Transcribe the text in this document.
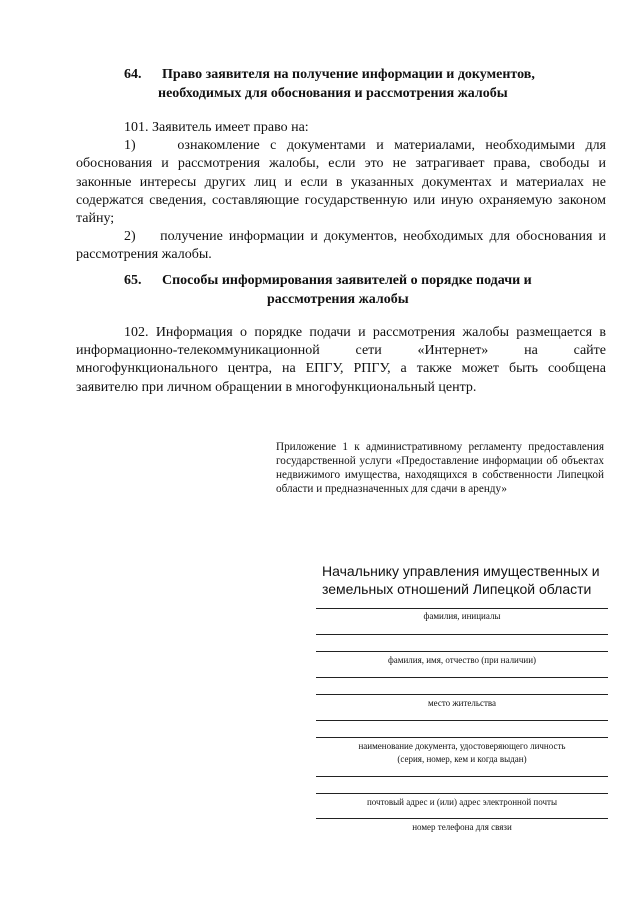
64. Право заявителя на получение информации и документов,
необходимых для обоснования и рассмотрения жалобы
101. Заявитель имеет право на:
1)	ознакомление с документами и материалами, необходимыми для обоснования и рассмотрения жалобы, если это не затрагивает права, свободы и законные интересы других лиц и если в указанных документах и материалах не содержатся сведения, составляющие государственную или иную охраняемую законом тайну;
2) получение информации и документов, необходимых для обоснования и рассмотрения жалобы.
65. Способы информирования заявителей о порядке подачи и
рассмотрения жалобы
102. Информация о порядке подачи и рассмотрения жалобы размещается в информационно-телекоммуникационной сети «Интернет» на сайте многофункционального центра, на ЕПГУ, РПГУ, а также может быть сообщена заявителю при личном обращении в многофункциональный центр.
Приложение 1 к административному регламенту предоставления государственной услуги «Предоставление информации об объектах недвижимого имущества, находящихся в собственности Липецкой области и предназначенных для сдачи в аренду»
Начальнику управления имущественных и
земельных отношений Липецкой области
фамилия, инициалы
фамилия, имя, отчество (при наличии)
место жительства
наименование документа, удостоверяющего личность
(серия, номер, кем и когда выдан)
почтовый адрес и (или) адрес электронной почты
номер телефона для связи
